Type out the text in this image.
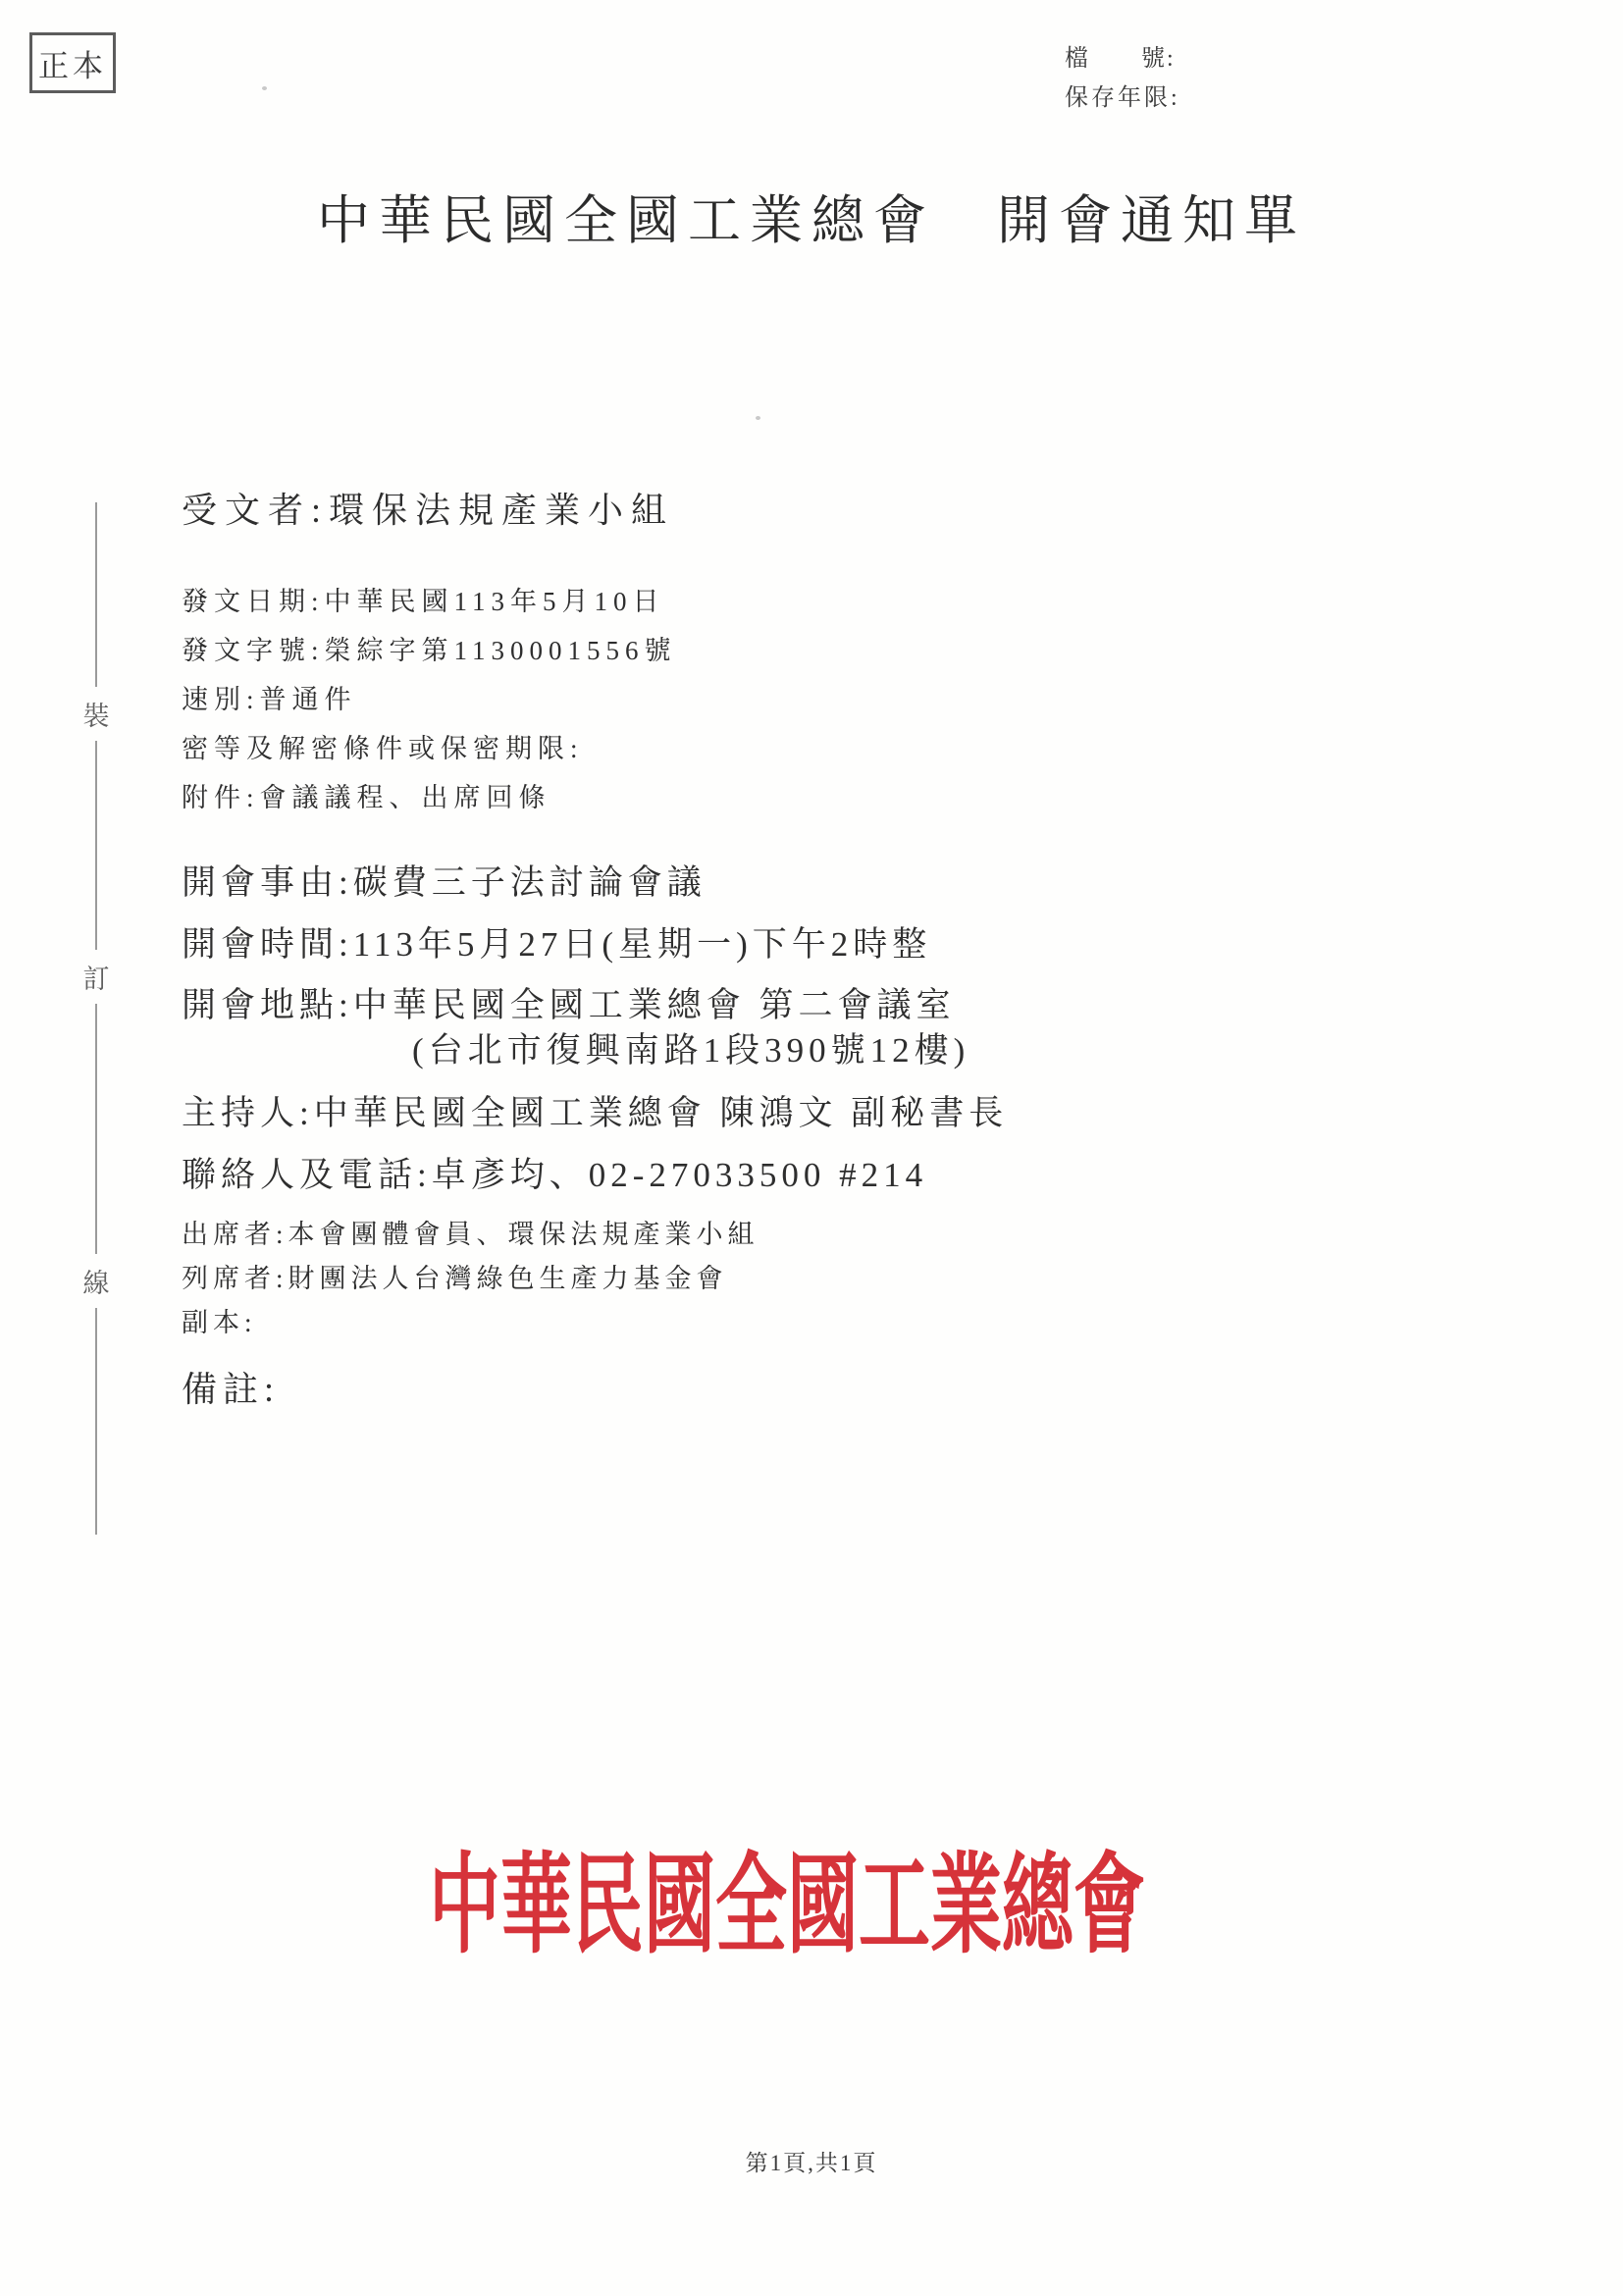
正本	檔　　號:
保存年限:
中華民國全國工業總會　開會通知單
裝
訂
線
受文者:環保法規產業小組
發文日期:中華民國113年5月10日
發文字號:榮綜字第1130001556號
速別:普通件
密等及解密條件或保密期限:
附件:會議議程、出席回條
開會事由:碳費三子法討論會議
開會時間:113年5月27日(星期一)下午2時整
開會地點:中華民國全國工業總會 第二會議室
(台北市復興南路1段390號12樓)
主持人:中華民國全國工業總會 陳鴻文 副秘書長
聯絡人及電話:卓彥均、02-27033500 #214
出席者:本會團體會員、環保法規產業小組
列席者:財團法人台灣綠色生產力基金會
副本:
備註:
中華民國全國工業總會
第1頁,共1頁
